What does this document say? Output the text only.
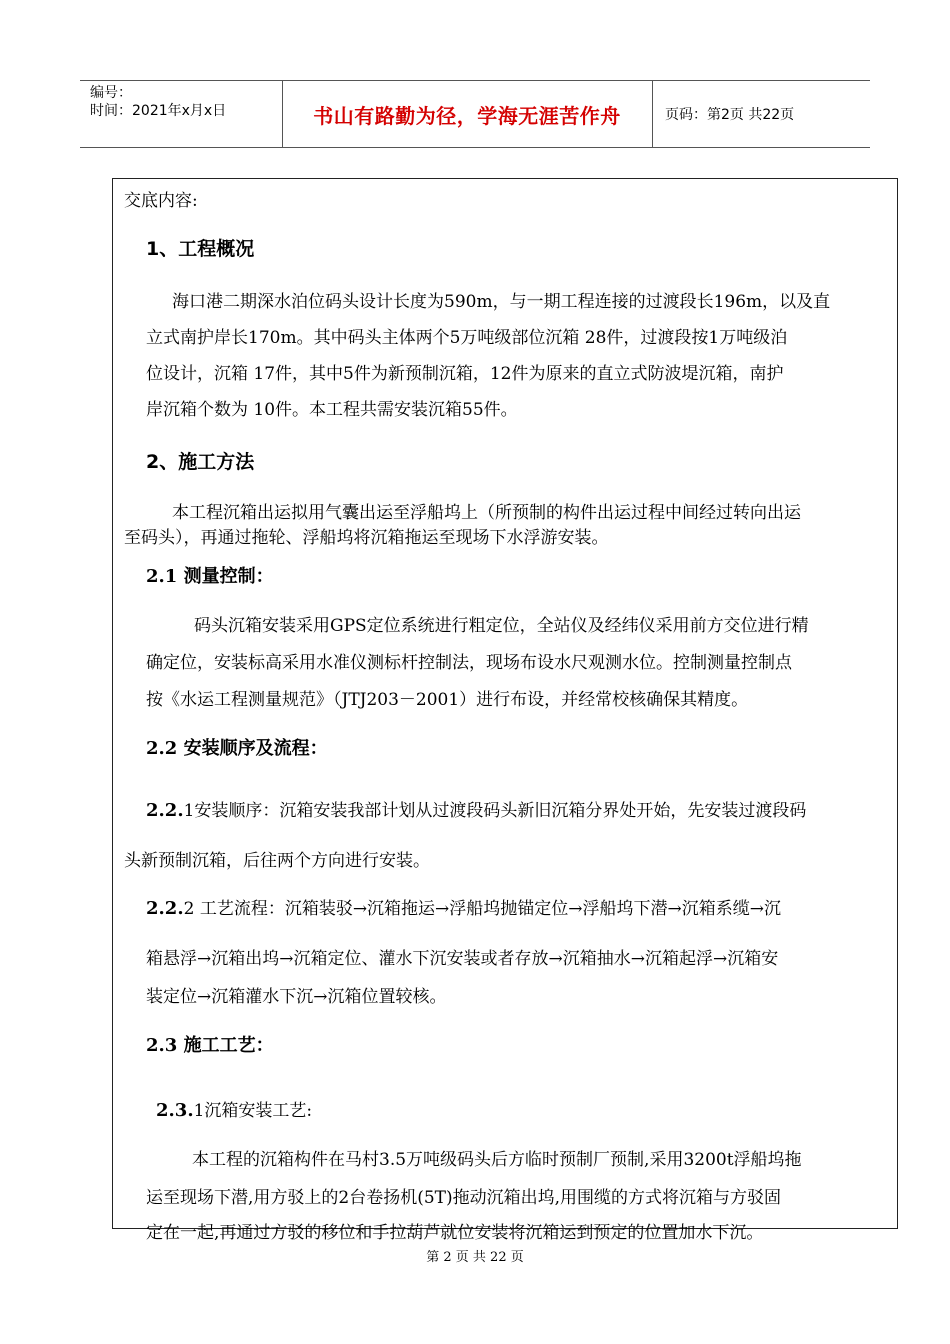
编号：
时间：2021年x月x日	书山有路勤为径，学海无涯苦作舟	页码：第2页 共22页
交底内容:
1、工程概况
海口港二期深水泊位码头设计长度为590m，与一期工程连接的过渡段长196m，以及直
立式南护岸长170m。其中码头主体两个5万吨级部位沉箱 28件，过渡段按1万吨级泊
位设计，沉箱 17件，其中5件为新预制沉箱，12件为原来的直立式防波堤沉箱，南护
岸沉箱个数为 10件。本工程共需安装沉箱55件。
2、施工方法
本工程沉箱出运拟用气囊出运至浮船坞上（所预制的构件出运过程中间经过转向出运
至码头），再通过拖轮、浮船坞将沉箱拖运至现场下水浮游安装。
2.1 测量控制：
码头沉箱安装采用GPS定位系统进行粗定位，全站仪及经纬仪采用前方交位进行精
确定位，安装标高采用水准仪测标杆控制法，现场布设水尺观测水位。控制测量控制点
按《水运工程测量规范》（JTJ203－2001）进行布设，并经常校核确保其精度。
2.2 安装顺序及流程：
2.2.1安装顺序：沉箱安装我部计划从过渡段码头新旧沉箱分界处开始，先安装过渡段码
头新预制沉箱，后往两个方向进行安装。
2.2.2 工艺流程：沉箱装驳→沉箱拖运→浮船坞抛锚定位→浮船坞下潜→沉箱系缆→沉
箱悬浮→沉箱出坞→沉箱定位、灌水下沉安装或者存放→沉箱抽水→沉箱起浮→沉箱安
装定位→沉箱灌水下沉→沉箱位置较核。
2.3 施工工艺：
2.3.1沉箱安装工艺:
本工程的沉箱构件在马村3.5万吨级码头后方临时预制厂预制,采用3200t浮船坞拖
运至现场下潜,用方驳上的2台卷扬机(5T)拖动沉箱出坞,用围缆的方式将沉箱与方驳固
定在一起,再通过方驳的移位和手拉葫芦就位安装将沉箱运到预定的位置加水下沉。
第 2 页 共 22 页
